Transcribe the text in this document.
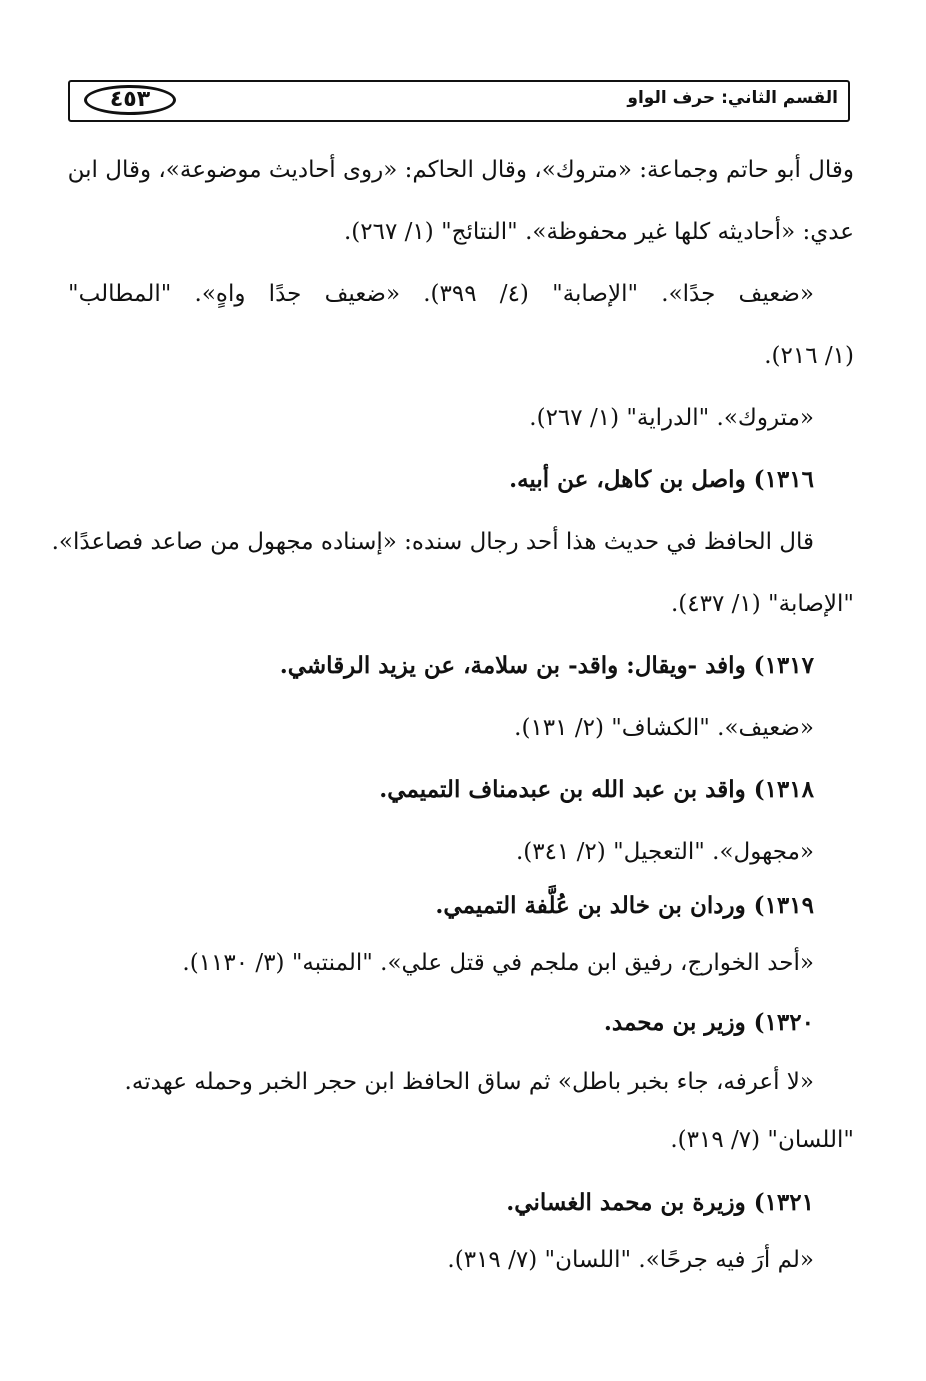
القسم الثاني: حرف الواو
٤٥٣
وقال أبو حاتم وجماعة: «متروك»، وقال الحاكم: «روى أحاديث موضوعة»، وقال ابن
عدي: «أحاديثه كلها غير محفوظة». "النتائج" (١/ ٢٦٧).
«ضعيف جدًا». "الإصابة" (٤/ ٣٩٩). «ضعيف جدًا واهٍ». "المطالب"
(١/ ٢١٦).
«متروك». "الدراية" (١/ ٢٦٧).
١٣١٦) واصل بن كاهل، عن أبيه.
قال الحافظ في حديث هذا أحد رجال سنده: «إسناده مجهول من صاعد فصاعدًا».
"الإصابة" (١/ ٤٣٧).
١٣١٧) وافد -ويقال: واقد- بن سلامة، عن يزيد الرقاشي.
«ضعيف». "الكشاف" (٢/ ١٣١).
١٣١٨) واقد بن عبد الله بن عبدمناف التميمي.
«مجهول». "التعجيل" (٢/ ٣٤١).
١٣١٩) وردان بن خالد بن عُلَّفة التميمي.
«أحد الخوارج، رفيق ابن ملجم في قتل علي». "المنتبه" (٣/ ١١٣٠).
١٣٢٠) وزير بن محمد.
«لا أعرفه، جاء بخبر باطل» ثم ساق الحافظ ابن حجر الخبر وحمله عهدته.
"اللسان" (٧/ ٣١٩).
١٣٢١) وزيرة بن محمد الغساني.
«لم أرَ فيه جرحًا». "اللسان" (٧/ ٣١٩).
